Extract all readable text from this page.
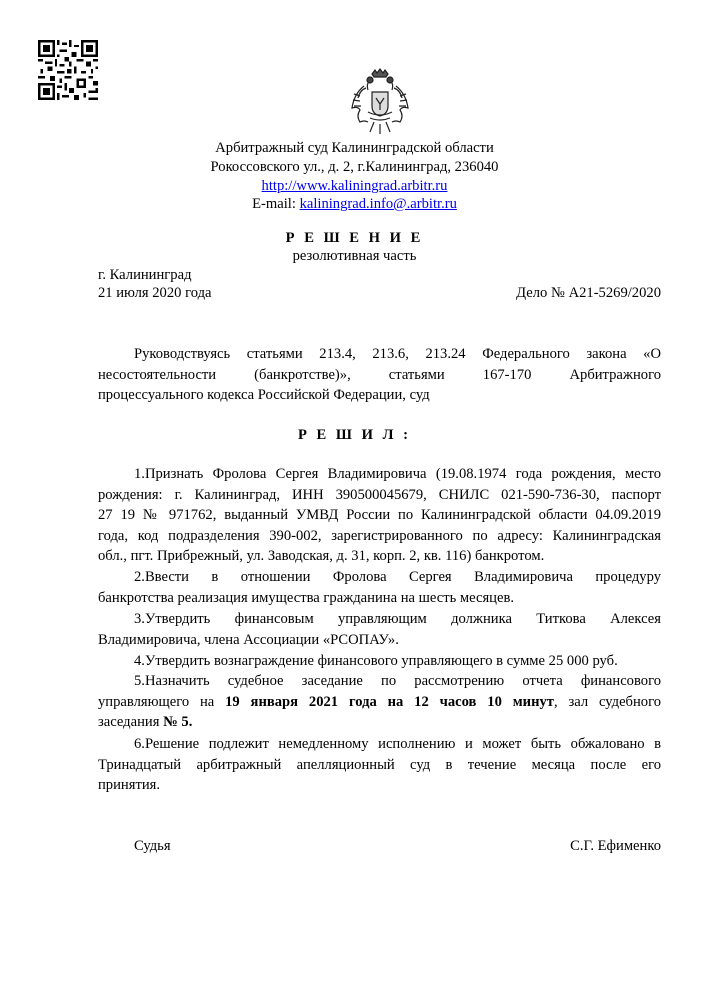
Арбитражный суд Калининградской области
Рокоссовского ул., д. 2, г.Калининград, 236040
http://www.kaliningrad.arbitr.ru
E-mail: kaliningrad.info@.arbitr.ru
Р Е Ш Е Н И Е
резолютивная часть
г. Калининград
21 июля 2020 года	Дело № А21-5269/2020
Руководствуясь статьями 213.4, 213.6, 213.24 Федерального закона «О
несостоятельности (банкротстве)», статьями 167-170 Арбитражного
процессуального кодекса Российской Федерации, суд
Р Е Ш И Л :
1.Признать Фролова Сергея Владимировича (19.08.1974 года рождения, место
рождения: г. Калининград, ИНН 390500045679, СНИЛС 021-590-736-30, паспорт
27 19 № 971762, выданный УМВД России по Калининградской области 04.09.2019
года, код подразделения 390-002, зарегистрированного по адресу: Калининградская
обл., пгт. Прибрежный, ул. Заводская, д. 31, корп. 2, кв. 116) банкротом.
2.Ввести в отношении Фролова Сергея Владимировича процедуру
банкротства реализация имущества гражданина на шесть месяцев.
3.Утвердить финансовым управляющим должника Титкова Алексея
Владимировича, члена Ассоциации «РСОПАУ».
4.Утвердить вознаграждение финансового управляющего в сумме 25 000 руб.
5.Назначить судебное заседание по рассмотрению отчета финансового
управляющего на 19 января 2021 года на 12 часов 10 минут, зал судебного
заседания № 5.
6.Решение подлежит немедленному исполнению и может быть обжаловано в
Тринадцатый арбитражный апелляционный суд в течение месяца после его
принятия.
Судья	С.Г. Ефименко
